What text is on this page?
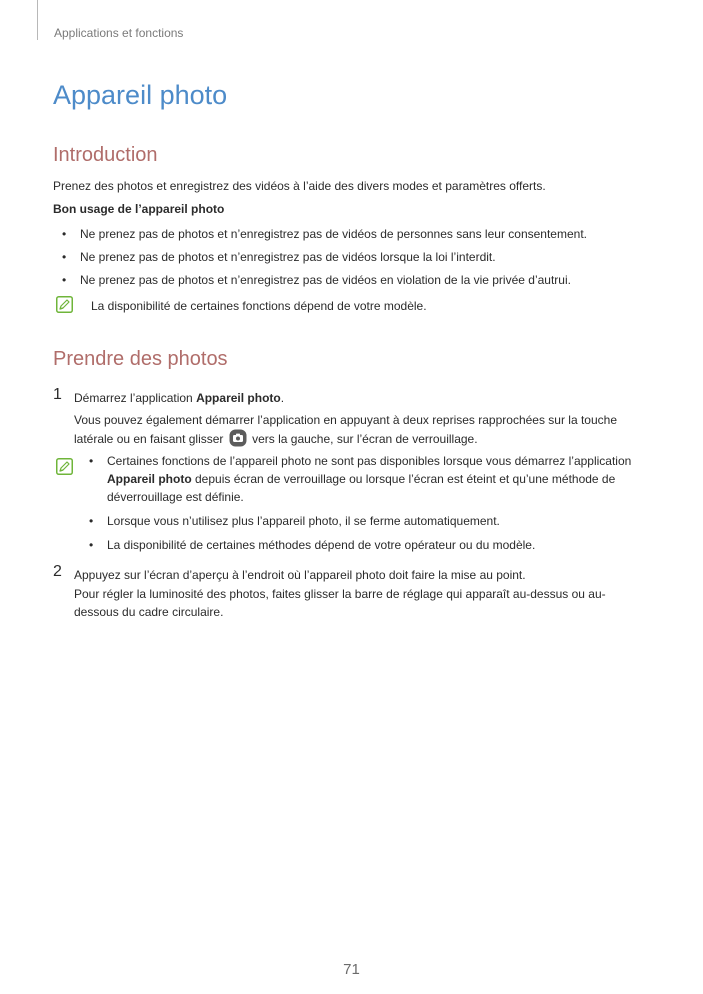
Applications et fonctions
Appareil photo
Introduction
Prenez des photos et enregistrez des vidéos à l’aide des divers modes et paramètres offerts.
Bon usage de l’appareil photo
• Ne prenez pas de photos et n’enregistrez pas de vidéos de personnes sans leur consentement.
• Ne prenez pas de photos et n’enregistrez pas de vidéos lorsque la loi l’interdit.
• Ne prenez pas de photos et n’enregistrez pas de vidéos en violation de la vie privée d’autrui.
La disponibilité de certaines fonctions dépend de votre modèle.
Prendre des photos
1 Démarrez l’application Appareil photo.
Vous pouvez également démarrer l’application en appuyant à deux reprises rapprochées sur la touche
latérale ou en faisant glisser vers la gauche, sur l’écran de verrouillage.
• Certaines fonctions de l’appareil photo ne sont pas disponibles lorsque vous démarrez l’application Appareil photo depuis écran de verrouillage ou lorsque l’écran est éteint et qu’une méthode de déverrouillage est définie.
• Lorsque vous n’utilisez plus l’appareil photo, il se ferme automatiquement.
• La disponibilité de certaines méthodes dépend de votre opérateur ou du modèle.
2 Appuyez sur l’écran d’aperçu à l’endroit où l’appareil photo doit faire la mise au point.
Pour régler la luminosité des photos, faites glisser la barre de réglage qui apparaît au-dessus ou au-dessous du cadre circulaire.
71
